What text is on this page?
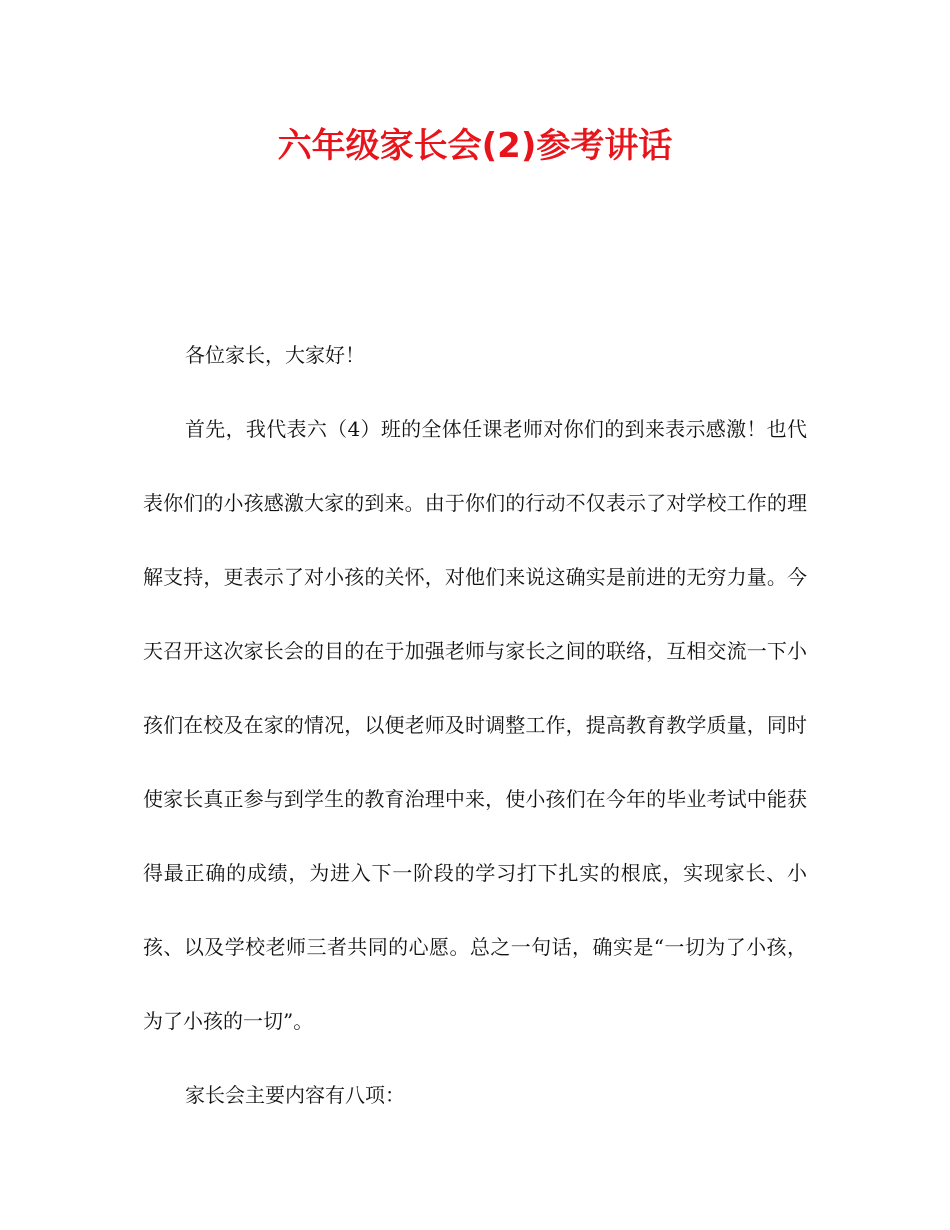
六年级家长会(2)参考讲话

各位家长，大家好！

首先，我代表六（4）班的全体任课老师对你们的到来表示感激！也代表你们的小孩感激大家的到来。由于你们的行动不仅表示了对学校工作的理解支持，更表示了对小孩的关怀，对他们来说这确实是前进的无穷力量。今天召开这次家长会的目的在于加强老师与家长之间的联络，互相交流一下小孩们在校及在家的情况，以便老师及时调整工作，提高教育教学质量，同时使家长真正参与到学生的教育治理中来，使小孩们在今年的毕业考试中能获得最正确的成绩，为进入下一阶段的学习打下扎实的根底，实现家长、小孩、以及学校老师三者共同的心愿。总之一句话，确实是“一切为了小孩，为了小孩的一切”。

家长会主要内容有八项：
